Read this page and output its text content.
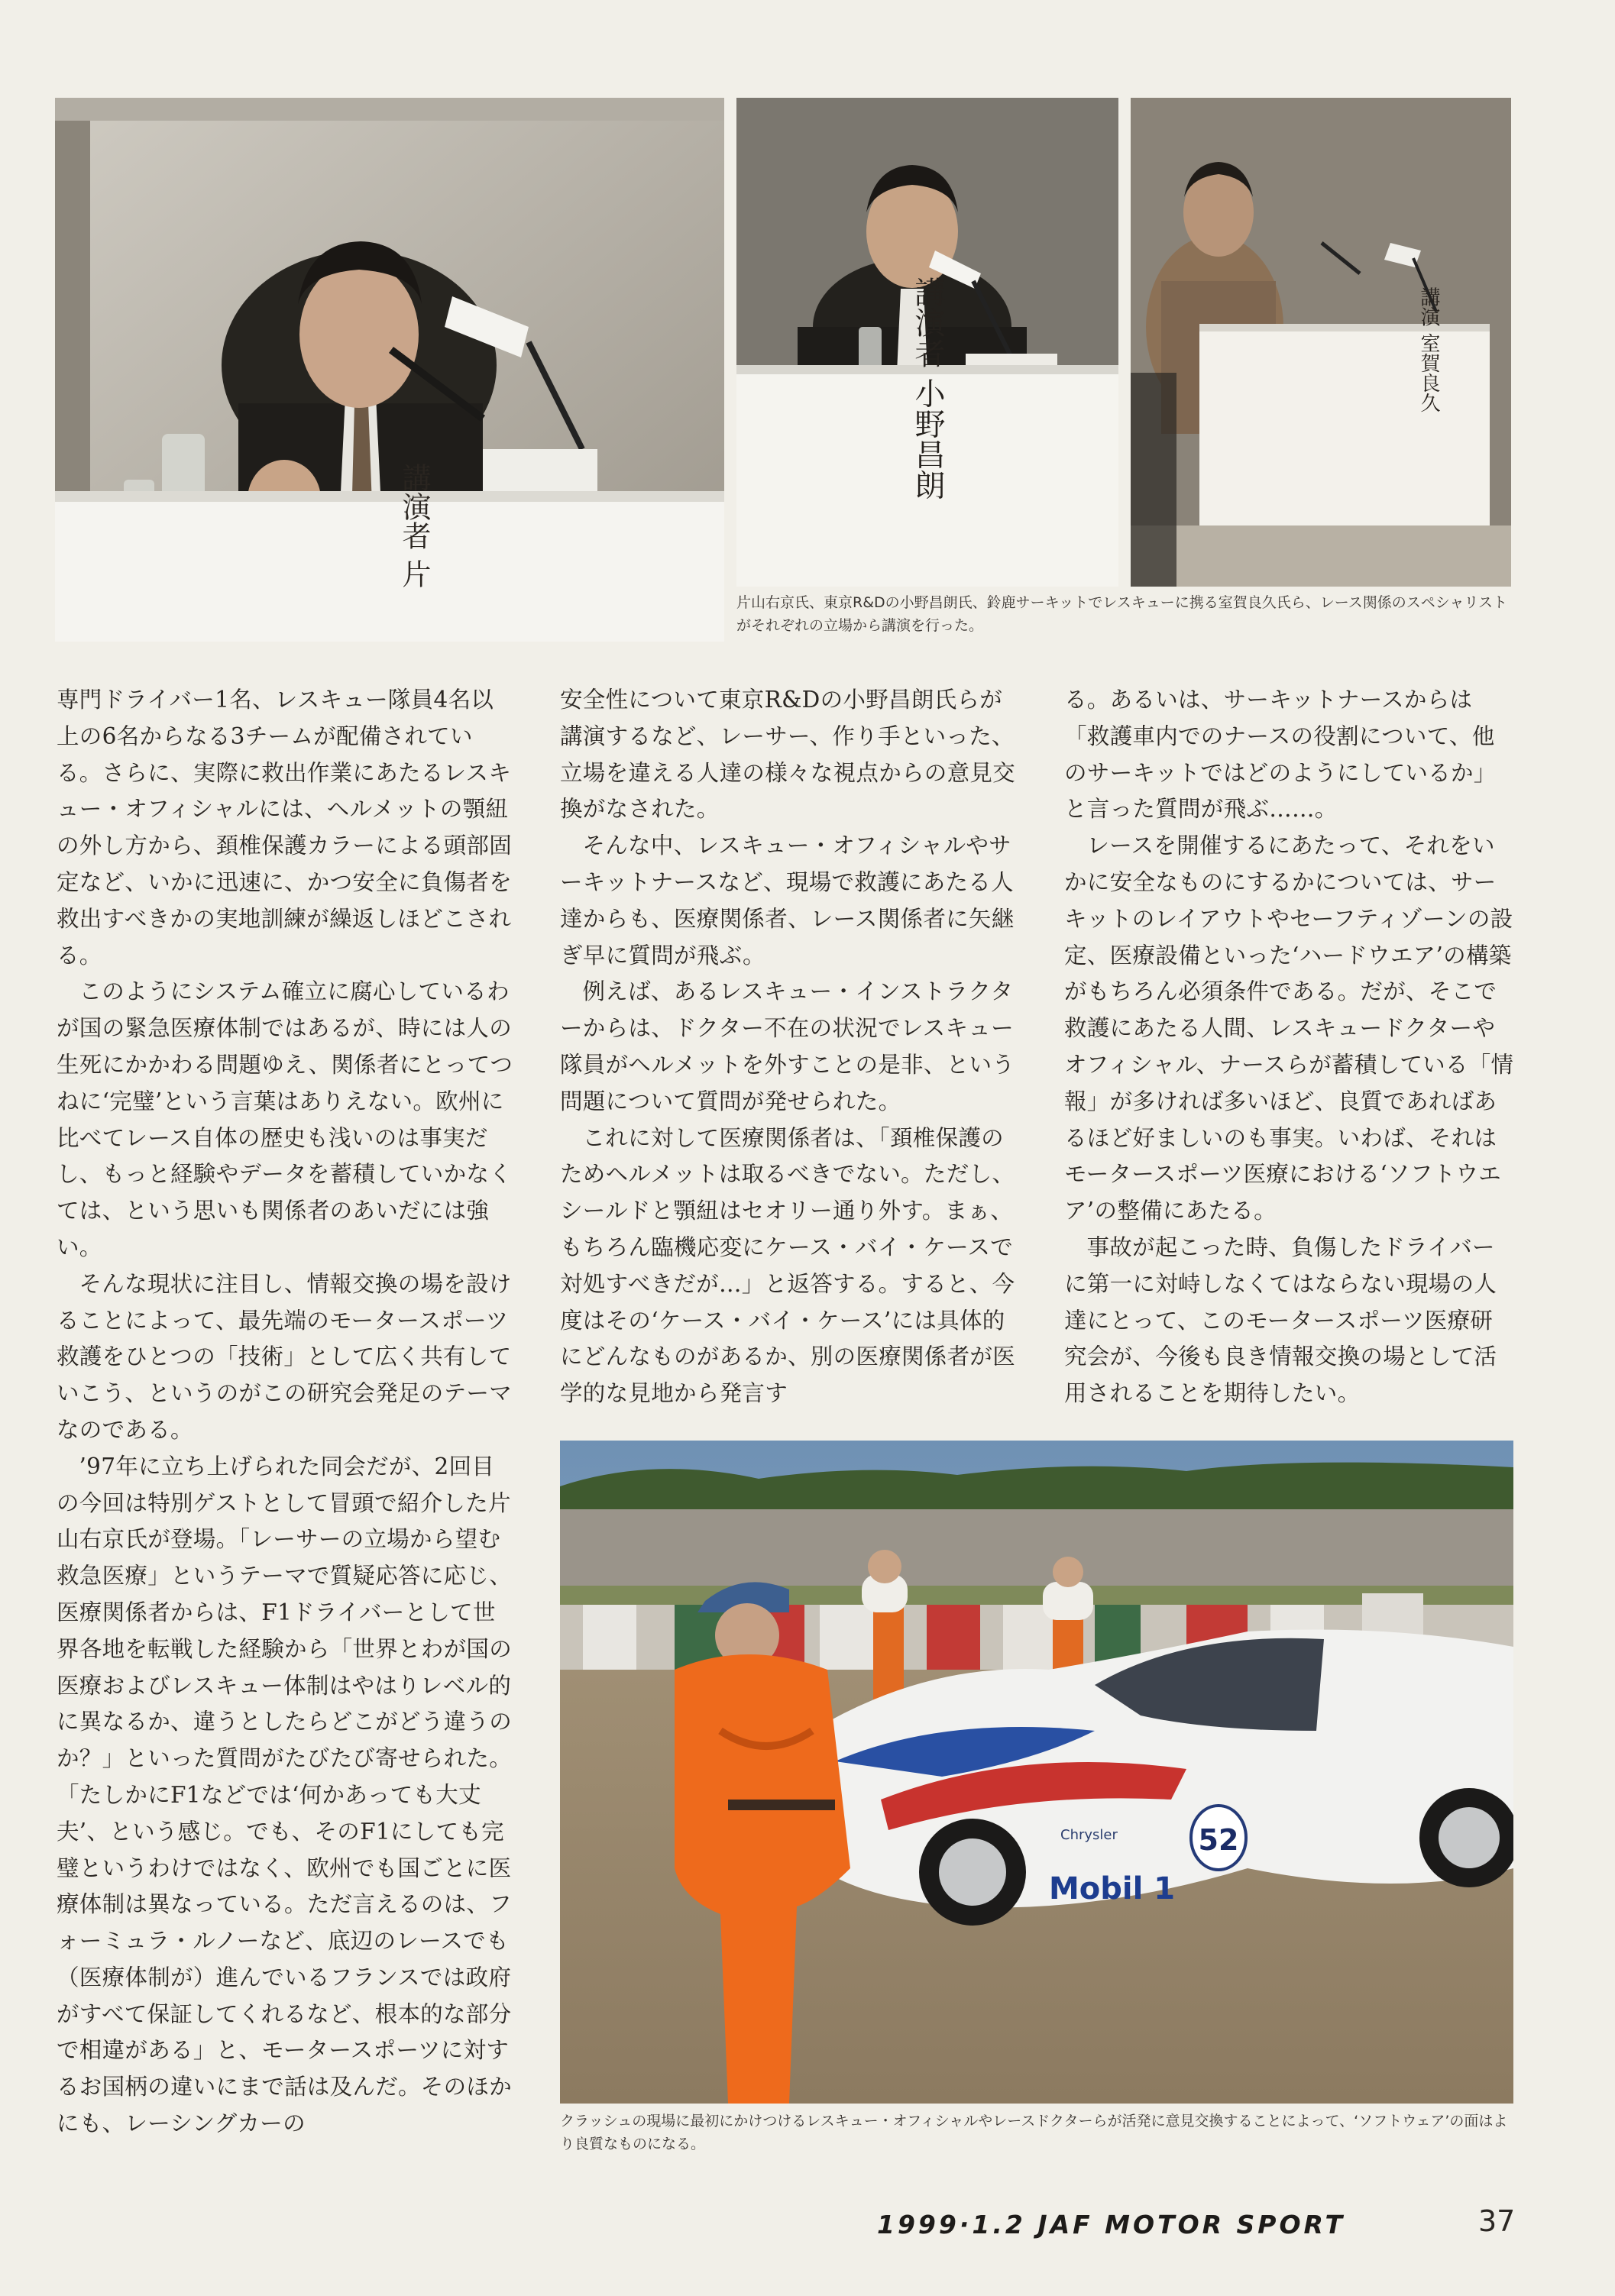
講演者 片
講演者 小野昌朗	講演 室賀良久
片山右京氏、東京R&Dの小野昌朗氏、鈴鹿サーキットでレスキューに携る室賀良久氏ら、レース関係のスペシャリストがそれぞれの立場から講演を行った。

専門ドライバー1名、レスキュー隊員4名以上の6名からなる3チームが配備されている。さらに、実際に救出作業にあたるレスキュー・オフィシャルには、ヘルメットの顎紐の外し方から、頚椎保護カラーによる頭部固定など、いかに迅速に、かつ安全に負傷者を救出すべきかの実地訓練が繰返しほどこされる。

このようにシステム確立に腐心しているわが国の緊急医療体制ではあるが、時には人の生死にかかわる問題ゆえ、関係者にとってつねに‘完璧’という言葉はありえない。欧州に比べてレース自体の歴史も浅いのは事実だし、もっと経験やデータを蓄積していかなくては、という思いも関係者のあいだには強い。

そんな現状に注目し、情報交換の場を設けることによって、最先端のモータースポーツ救護をひとつの「技術」として広く共有していこう、というのがこの研究会発足のテーマなのである。

’97年に立ち上げられた同会だが、2回目の今回は特別ゲストとして冒頭で紹介した片山右京氏が登場。「レーサーの立場から望む救急医療」というテーマで質疑応答に応じ、医療関係者からは、F1ドライバーとして世界各地を転戦した経験から「世界とわが国の医療およびレスキュー体制はやはりレベル的に異なるか、違うとしたらどこがどう違うのか？」といった質問がたびたび寄せられた。

「たしかにF1などでは‘何かあっても大丈夫’、という感じ。でも、そのF1にしても完璧というわけではなく、欧州でも国ごとに医療体制は異なっている。ただ言えるのは、フォーミュラ・ルノーなど、底辺のレースでも（医療体制が）進んでいるフランスでは政府がすべて保証してくれるなど、根本的な部分で相違がある」と、モータースポーツに対するお国柄の違いにまで話は及んだ。そのほかにも、レーシングカーの

安全性について東京R&Dの小野昌朗氏らが講演するなど、レーサー、作り手といった、立場を違える人達の様々な視点からの意見交換がなされた。

そんな中、レスキュー・オフィシャルやサーキットナースなど、現場で救護にあたる人達からも、医療関係者、レース関係者に矢継ぎ早に質問が飛ぶ。

例えば、あるレスキュー・インストラクターからは、ドクター不在の状況でレスキュー隊員がヘルメットを外すことの是非、という問題について質問が発せられた。

これに対して医療関係者は、「頚椎保護のためヘルメットは取るべきでない。ただし、シールドと顎紐はセオリー通り外す。まぁ、もちろん臨機応変にケース・バイ・ケースで対処すべきだが…」と返答する。すると、今度はその‘ケース・バイ・ケース’には具体的にどんなものがあるか、別の医療関係者が医学的な見地から発言す

る。あるいは、サーキットナースからは「救護車内でのナースの役割について、他のサーキットではどのようにしているか」と言った質問が飛ぶ……。

レースを開催するにあたって、それをいかに安全なものにするかについては、サーキットのレイアウトやセーフティゾーンの設定、医療設備といった‘ハードウエア’の構築がもちろん必須条件である。だが、そこで救護にあたる人間、レスキュードクターやオフィシャル、ナースらが蓄積している「情報」が多ければ多いほど、良質であればあるほど好ましいのも事実。いわば、それはモータースポーツ医療における‘ソフトウエア’の整備にあたる。

事故が起こった時、負傷したドライバーに第一に対峙しなくてはならない現場の人達にとって、このモータースポーツ医療研究会が、今後も良き情報交換の場として活用されることを期待したい。

52
Mobil 1
Chrysler
クラッシュの現場に最初にかけつけるレスキュー・オフィシャルやレースドクターらが活発に意見交換することによって、‘ソフトウェア’の面はより良質なものになる。
1999·1.2 JAF MOTOR SPORT	37
